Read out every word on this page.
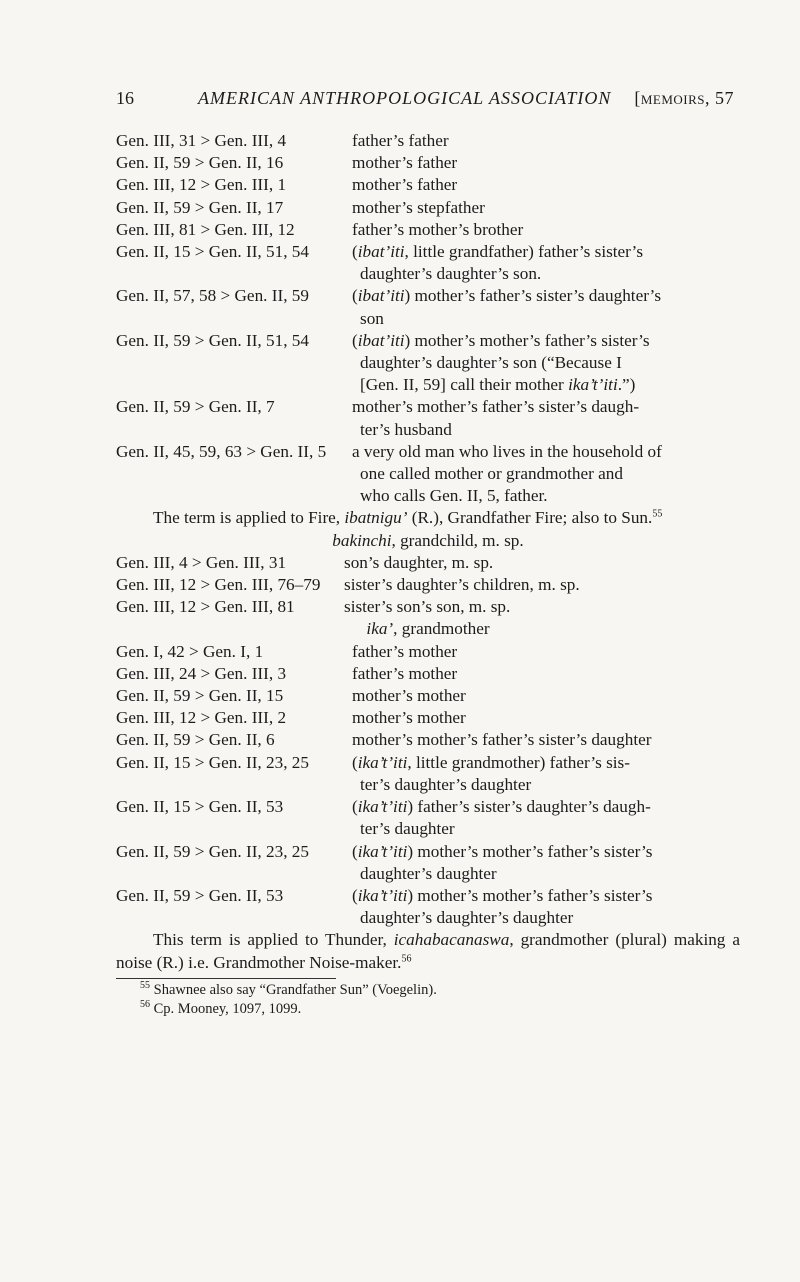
16	AMERICAN ANTHROPOLOGICAL ASSOCIATION [memoirs, 57
Gen. III, 31 > Gen. III, 4	father’s father
Gen. II, 59 > Gen. II, 16	mother’s father
Gen. III, 12 > Gen. III, 1	mother’s father
Gen. II, 59 > Gen. II, 17	mother’s stepfather
Gen. III, 81 > Gen. III, 12	father’s mother’s brother
Gen. II, 15 > Gen. II, 51, 54	(ibat’iti, little grandfather) father’s sister’s
daughter’s daughter’s son.
Gen. II, 57, 58 > Gen. II, 59	(ibat’iti) mother’s father’s sister’s daughter’s
son
Gen. II, 59 > Gen. II, 51, 54	(ibat’iti) mother’s mother’s father’s sister’s
daughter’s daughter’s son (“Because I
[Gen. II, 59] call their mother ika’t’iti.”)
Gen. II, 59 > Gen. II, 7	mother’s mother’s father’s sister’s daugh-
ter’s husband
Gen. II, 45, 59, 63 > Gen. II, 5	a very old man who lives in the household of
one called mother or grandmother and
who calls Gen. II, 5, father.

The term is applied to Fire, ibatnigu’ (R.), Grandfather Fire; also to Sun.$^{55}$

bakinchi, grandchild, m. sp.
Gen. III, 4 > Gen. III, 31	son’s daughter, m. sp.
Gen. III, 12 > Gen. III, 76–79	sister’s daughter’s children, m. sp.
Gen. III, 12 > Gen. III, 81	sister’s son’s son, m. sp.
ika’, grandmother
Gen. I, 42 > Gen. I, 1	father’s mother
Gen. III, 24 > Gen. III, 3	father’s mother
Gen. II, 59 > Gen. II, 15	mother’s mother
Gen. III, 12 > Gen. III, 2	mother’s mother
Gen. II, 59 > Gen. II, 6	mother’s mother’s father’s sister’s daughter
Gen. II, 15 > Gen. II, 23, 25	(ika’t’iti, little grandmother) father’s sis-
ter’s daughter’s daughter
Gen. II, 15 > Gen. II, 53	(ika’t’iti) father’s sister’s daughter’s daugh-
ter’s daughter
Gen. II, 59 > Gen. II, 23, 25	(ika’t’iti) mother’s mother’s father’s sister’s
daughter’s daughter
Gen. II, 59 > Gen. II, 53	(ika’t’iti) mother’s mother’s father’s sister’s
daughter’s daughter’s daughter

This term is applied to Thunder, icahabacanaswa, grandmother (plural) making a noise (R.) i.e. Grandmother Noise-maker.$^{56}$

$^{55}$ Shawnee also say “Grandfather Sun” (Voegelin).
$^{56}$ Cp. Mooney, 1097, 1099.
